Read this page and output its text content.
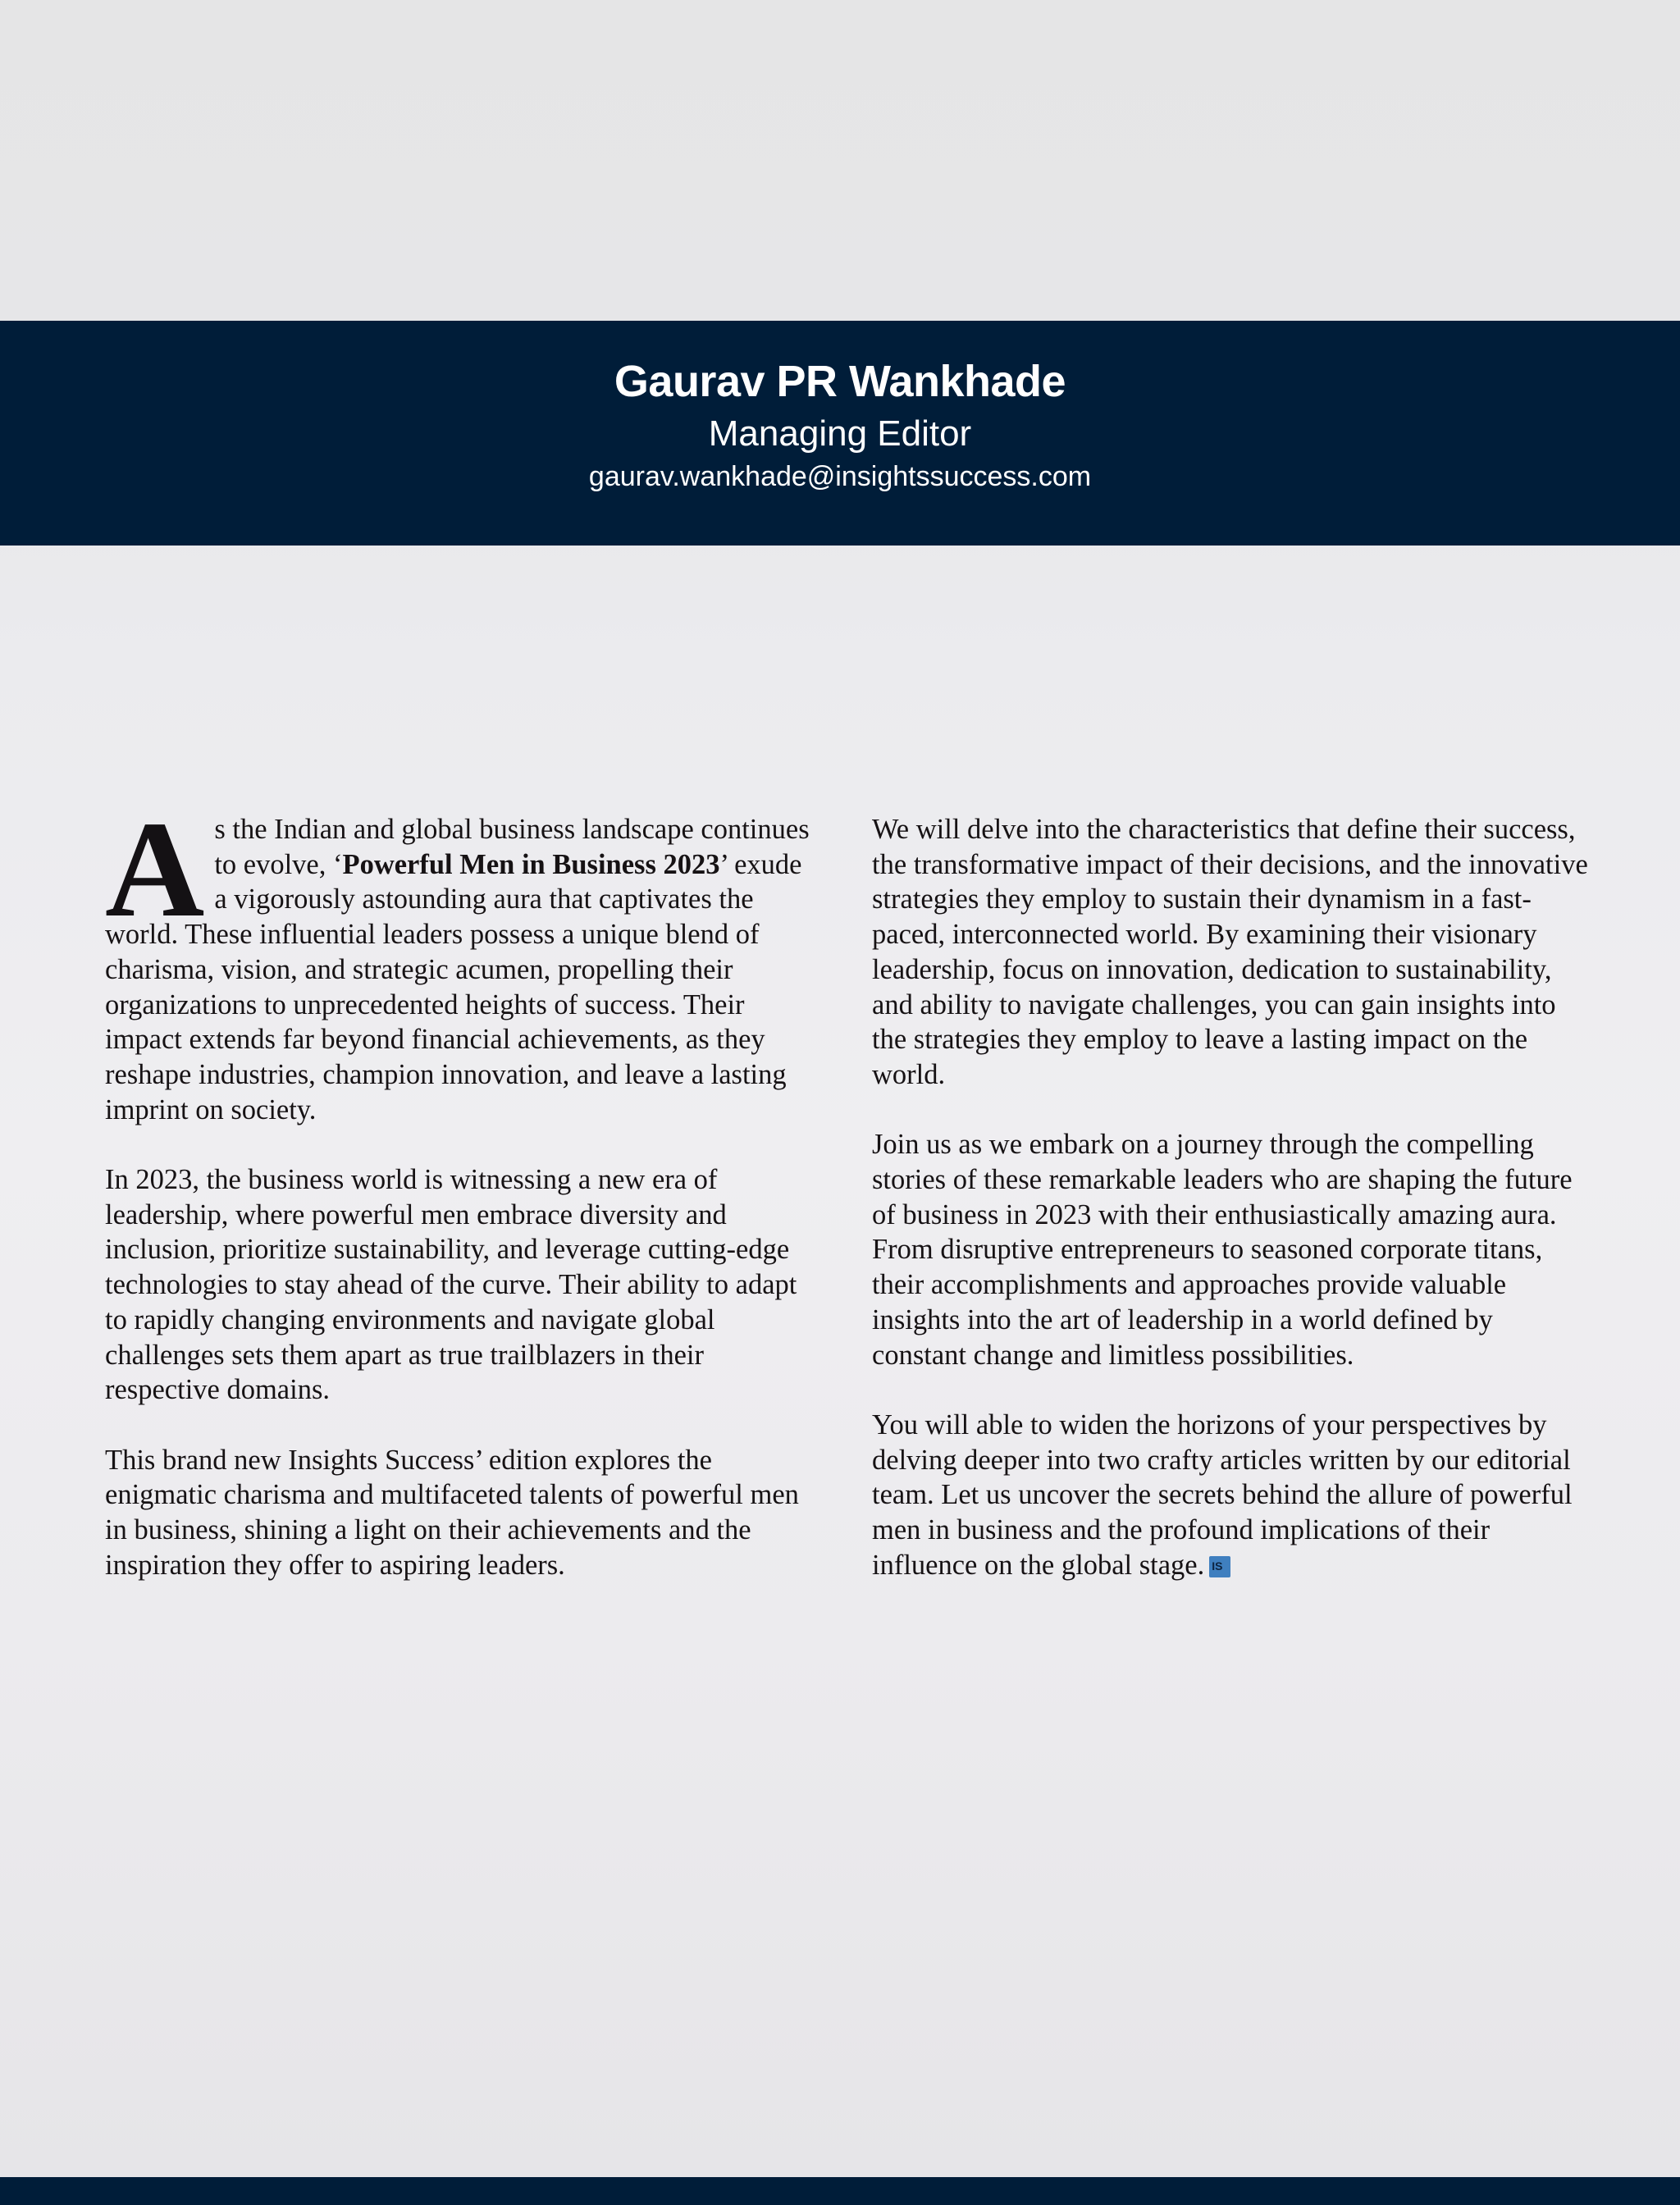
Gaurav PR Wankhade
Managing Editor
gaurav.wankhade@insightssuccess.com

As the Indian and global business landscape continues to evolve, ‘Powerful Men in Business 2023’ exude a vigorously astounding aura that captivates the world. These influential leaders possess a unique blend of charisma, vision, and strategic acumen, propelling their organizations to unprecedented heights of success. Their impact extends far beyond financial achievements, as they reshape industries, champion innovation, and leave a lasting imprint on society.

In 2023, the business world is witnessing a new era of leadership, where powerful men embrace diversity and inclusion, prioritize sustainability, and leverage cutting-edge technologies to stay ahead of the curve. Their ability to adapt to rapidly changing environments and navigate global challenges sets them apart as true trailblazers in their respective domains.

This brand new Insights Success’ edition explores the enigmatic charisma and multifaceted talents of powerful men in business, shining a light on their achievements and the inspiration they offer to aspiring leaders.

We will delve into the characteristics that define their success, the transformative impact of their decisions, and the innovative strategies they employ to sustain their dynamism in a fast-paced, interconnected world. By examining their visionary leadership, focus on innovation, dedication to sustainability, and ability to navigate challenges, you can gain insights into the strategies they employ to leave a lasting impact on the world.

Join us as we embark on a journey through the compelling stories of these remarkable leaders who are shaping the future of business in 2023 with their enthusiastically amazing aura. From disruptive entrepreneurs to seasoned corporate titans, their accomplishments and approaches provide valuable insights into the art of leadership in a world defined by constant change and limitless possibilities.

You will able to widen the horizons of your perspectives by delving deeper into two crafty articles written by our editorial team. Let us uncover the secrets behind the allure of powerful men in business and the profound implications of their influence on the global stage. IS
